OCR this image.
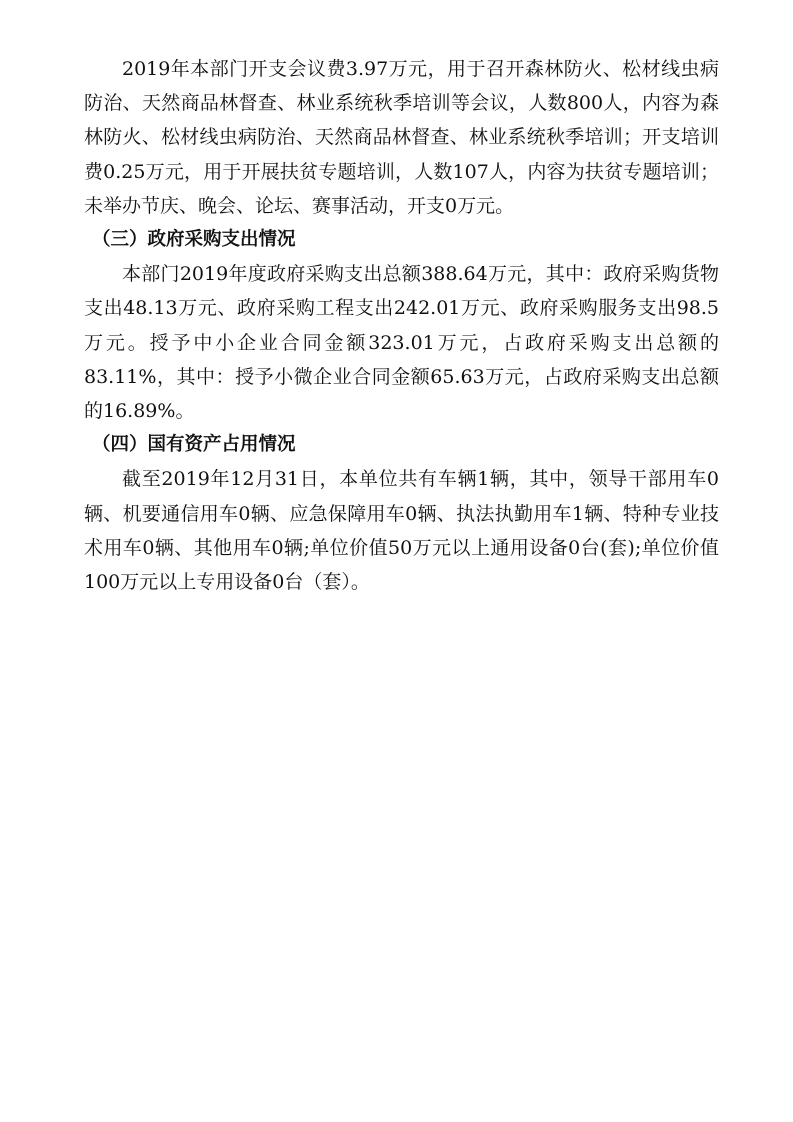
2019年本部门开支会议费3.97万元，用于召开森林防火、松材线虫病防治、天然商品林督查、林业系统秋季培训等会议，人数800人，内容为森林防火、松材线虫病防治、天然商品林督查、林业系统秋季培训；开支培训费0.25万元，用于开展扶贫专题培训，人数107人，内容为扶贫专题培训；未举办节庆、晚会、论坛、赛事活动，开支0万元。

（三）政府采购支出情况

本部门2019年度政府采购支出总额388.64万元，其中：政府采购货物支出48.13万元、政府采购工程支出242.01万元、政府采购服务支出98.5万元。授予中小企业合同金额323.01万元，占政府采购支出总额的83.11%，其中：授予小微企业合同金额65.63万元，占政府采购支出总额的16.89%。

（四）国有资产占用情况

截至2019年12月31日，本单位共有车辆1辆，其中，领导干部用车0辆、机要通信用车0辆、应急保障用车0辆、执法执勤用车1辆、特种专业技术用车0辆、其他用车0辆;单位价值50万元以上通用设备0台(套);单位价值100万元以上专用设备0台（套）。
